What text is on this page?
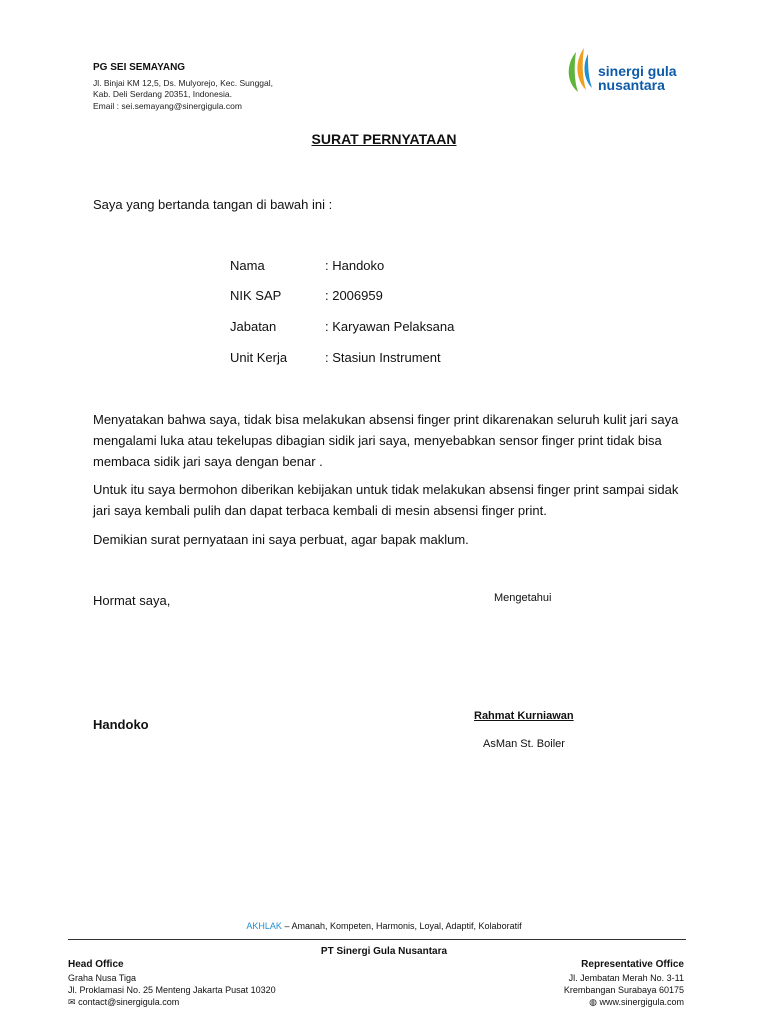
PG SEI SEMAYANG
Jl. Binjai KM 12,5, Ds. Mulyorejo, Kec. Sunggal,
Kab. Deli Serdang 20351, Indonesia.
Email : sei.semayang@sinergigula.com
sinergi gula
nusantara
SURAT PERNYATAAN
Saya yang bertanda tangan di bawah ini :
Nama	: Handoko
NIK SAP	: 2006959
Jabatan	: Karyawan Pelaksana
Unit Kerja	: Stasiun Instrument
Menyatakan bahwa saya, tidak bisa melakukan absensi finger print dikarenakan seluruh kulit jari saya mengalami luka atau tekelupas dibagian sidik jari saya, menyebabkan sensor finger print tidak bisa membaca sidik jari saya dengan benar .
Untuk itu saya bermohon diberikan kebijakan untuk tidak melakukan absensi finger print sampai sidak jari saya kembali pulih dan dapat terbaca kembali di mesin absensi finger print.
Demikian surat pernyataan ini saya perbuat, agar bapak maklum.
Hormat saya,	Mengetahui
Handoko
Rahmat Kurniawan
AsMan St. Boiler
AKHLAK – Amanah, Kompeten, Harmonis, Loyal, Adaptif, Kolaboratif
PT Sinergi Gula Nusantara
Head Office
Graha Nusa Tiga
Jl. Proklamasi No. 25 Menteng Jakarta Pusat 10320
✉ contact@sinergigula.com
Representative Office
Jl. Jembatan Merah No. 3-11
Krembangan Surabaya 60175
◍ www.sinergigula.com
